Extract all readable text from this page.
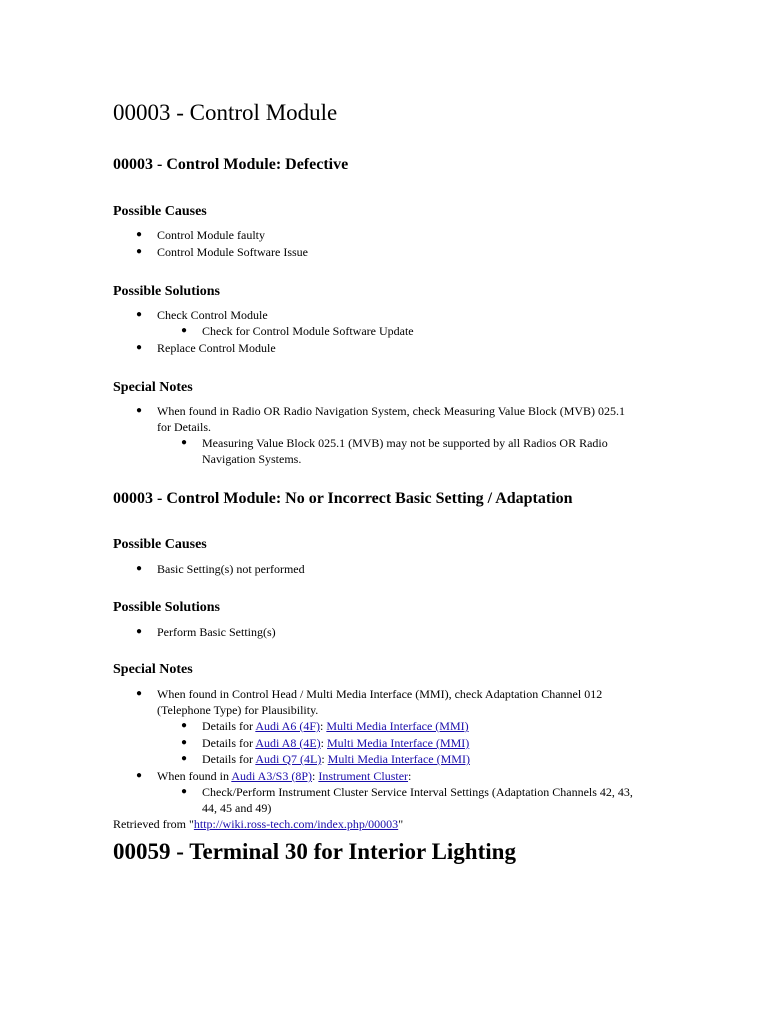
00003 - Control Module
00003 - Control Module: Defective
Possible Causes
● Control Module faulty
● Control Module Software Issue
Possible Solutions
● Check Control Module
● Check for Control Module Software Update
● Replace Control Module
Special Notes
● When found in Radio OR Radio Navigation System, check Measuring Value Block (MVB) 025.1
for Details.
● Measuring Value Block 025.1 (MVB) may not be supported by all Radios OR Radio
Navigation Systems.
00003 - Control Module: No or Incorrect Basic Setting / Adaptation
Possible Causes
● Basic Setting(s) not performed
Possible Solutions
● Perform Basic Setting(s)
Special Notes
● When found in Control Head / Multi Media Interface (MMI), check Adaptation Channel 012
(Telephone Type) for Plausibility.
● Details for Audi A6 (4F): Multi Media Interface (MMI)
● Details for Audi A8 (4E): Multi Media Interface (MMI)
● Details for Audi Q7 (4L): Multi Media Interface (MMI)
● When found in Audi A3/S3 (8P): Instrument Cluster:
● Check/Perform Instrument Cluster Service Interval Settings (Adaptation Channels 42, 43,
44, 45 and 49)
Retrieved from "http://wiki.ross-tech.com/index.php/00003"
00059 - Terminal 30 for Interior Lighting
